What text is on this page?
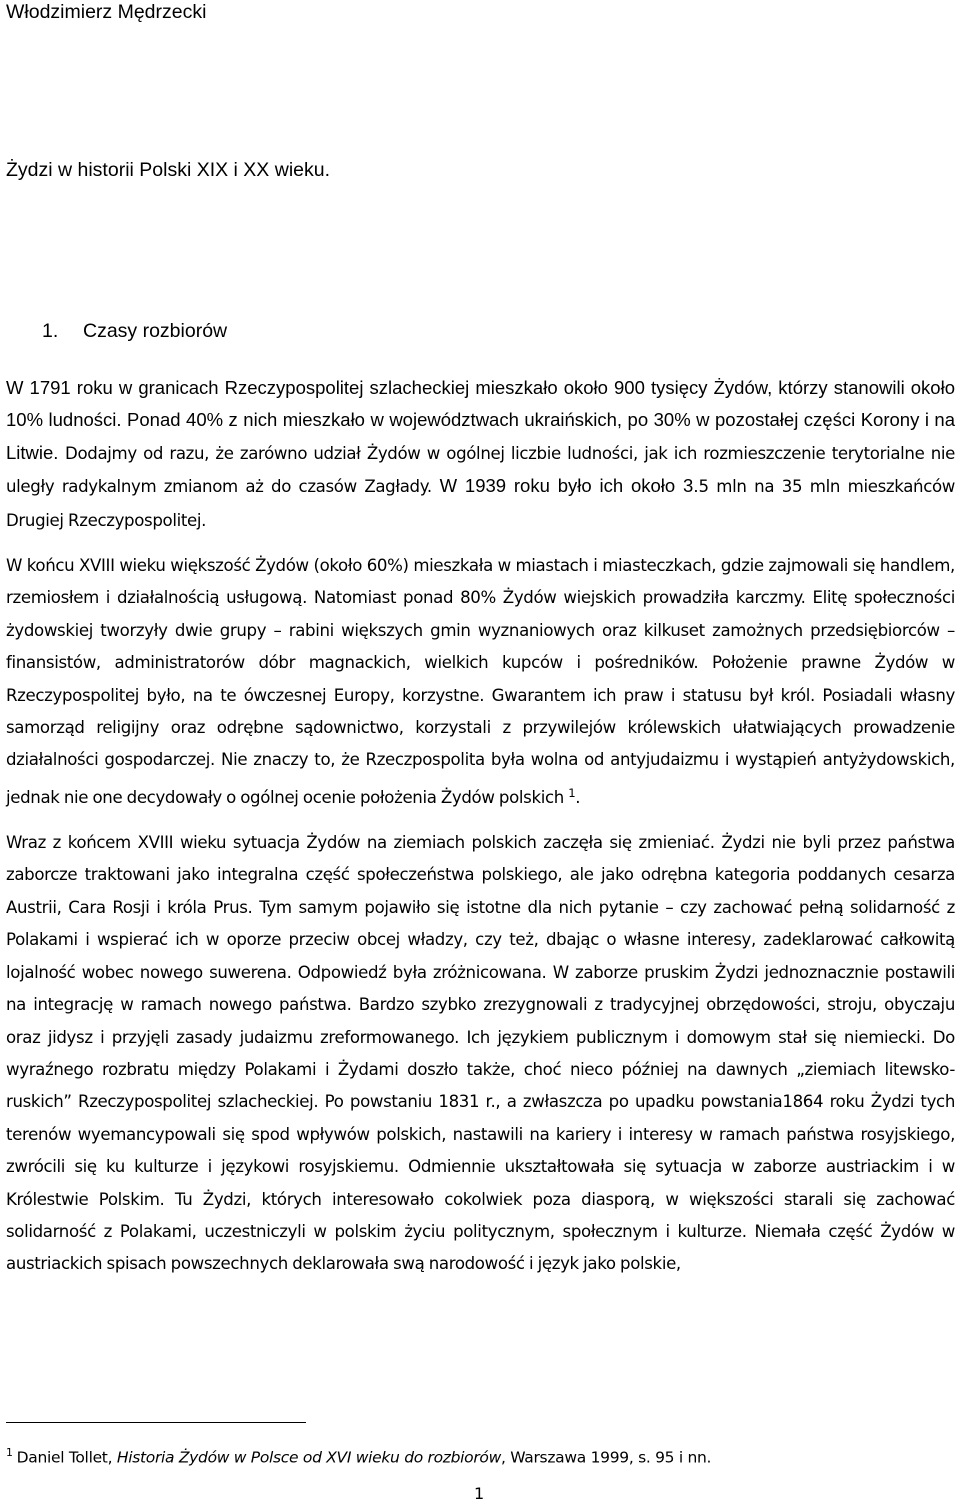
Włodzimierz Mędrzecki

Żydzi w historii Polski XIX i XX wieku.
1. Czasy rozbiorów

W 1791 roku w granicach Rzeczypospolitej szlacheckiej mieszkało około 900 tysięcy Żydów, którzy stanowili około 10% ludności. Ponad 40% z nich mieszkało w województwach ukraińskich, po 30% w pozostałej części Korony i na Litwie. Dodajmy od razu, że zarówno udział Żydów w ogólnej liczbie ludności, jak ich rozmieszczenie terytorialne nie uległy radykalnym zmianom aż do czasów Zagłady. W 1939 roku było ich około 3.5 mln na 35 mln mieszkańców Drugiej Rzeczypospolitej.

W końcu XVIII wieku większość Żydów (około 60%) mieszkała w miastach i miasteczkach, gdzie zajmowali się handlem, rzemiosłem i działalnością usługową. Natomiast ponad 80% Żydów wiejskich prowadziła karczmy. Elitę społeczności żydowskiej tworzyły dwie grupy – rabini większych gmin wyznaniowych oraz kilkuset zamożnych przedsiębiorców – finansistów, administratorów dóbr magnackich, wielkich kupców i pośredników. Położenie prawne Żydów w Rzeczypospolitej było, na te ówczesnej Europy, korzystne. Gwarantem ich praw i statusu był król. Posiadali własny samorząd religijny oraz odrębne sądownictwo, korzystali z przywilejów królewskich ułatwiających prowadzenie działalności gospodarczej. Nie znaczy to, że Rzeczpospolita była wolna od antyjudaizmu i wystąpień antyżydowskich, jednak nie one decydowały o ogólnej ocenie położenia Żydów polskich $^1$.

Wraz z końcem XVIII wieku sytuacja Żydów na ziemiach polskich zaczęła się zmieniać. Żydzi nie byli przez państwa zaborcze traktowani jako integralna część społeczeństwa polskiego, ale jako odrębna kategoria poddanych cesarza Austrii, Cara Rosji i króla Prus. Tym samym pojawiło się istotne dla nich pytanie – czy zachować pełną solidarność z Polakami i wspierać ich w oporze przeciw obcej władzy, czy też, dbając o własne interesy, zadeklarować całkowitą lojalność wobec nowego suwerena. Odpowiedź była zróżnicowana. W zaborze pruskim Żydzi jednoznacznie postawili na integrację w ramach nowego państwa. Bardzo szybko zrezygnowali z tradycyjnej obrzędowości, stroju, obyczaju oraz jidysz i przyjęli zasady judaizmu zreformowanego. Ich językiem publicznym i domowym stał się niemiecki. Do wyraźnego rozbratu między Polakami i Żydami doszło także, choć nieco później na dawnych „ziemiach litewsko-ruskich” Rzeczypospolitej szlacheckiej. Po powstaniu 1831 r., a zwłaszcza po upadku powstania1864 roku Żydzi tych terenów wyemancypowali się spod wpływów polskich, nastawili na kariery i interesy w ramach państwa rosyjskiego, zwrócili się ku kulturze i językowi rosyjskiemu. Odmiennie ukształtowała się sytuacja w zaborze austriackim i w Królestwie Polskim. Tu Żydzi, których interesowało cokolwiek poza diasporą, w większości starali się zachować solidarność z Polakami, uczestniczyli w polskim życiu politycznym, społecznym i kulturze. Niemała część Żydów w austriackich spisach powszechnych deklarowała swą narodowość i język jako polskie,

$^1$ Daniel Tollet, Historia Żydów w Polsce od XVI wieku do rozbiorów, Warszawa 1999, s. 95 i nn.

1
